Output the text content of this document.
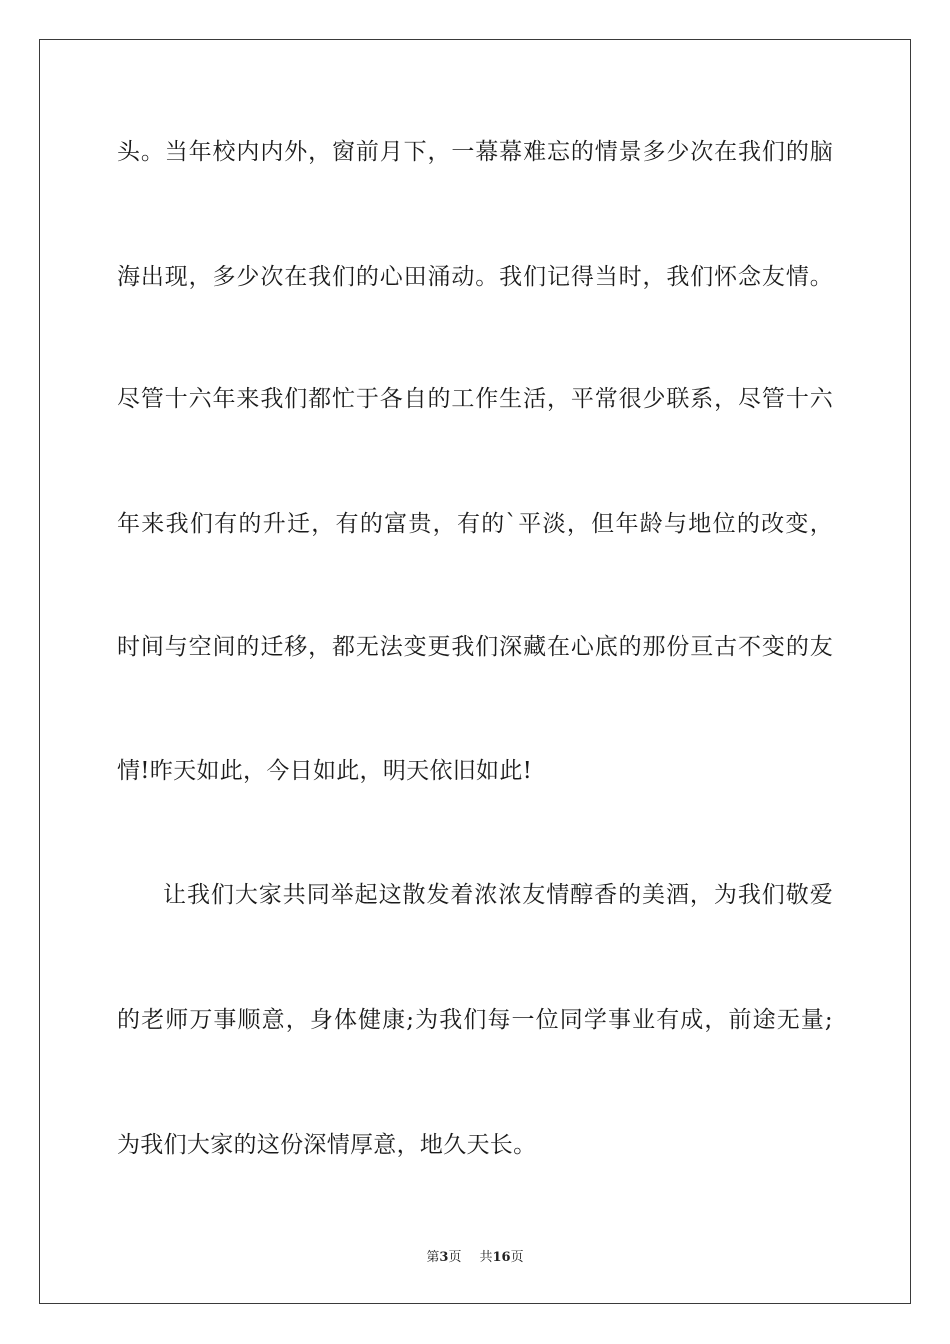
头。当年校内内外，窗前月下，一幕幕难忘的情景多少次在我们的脑
海出现，多少次在我们的心田涌动。我们记得当时，我们怀念友情。
尽管十六年来我们都忙于各自的工作生活，平常很少联系，尽管十六
年来我们有的升迁，有的富贵，有的`平淡，但年龄与地位的改变，
时间与空间的迁移，都无法变更我们深藏在心底的那份亘古不变的友
情!昨天如此，今日如此，明天依旧如此!
让我们大家共同举起这散发着浓浓友情醇香的美酒，为我们敬爱
的老师万事顺意，身体健康;为我们每一位同学事业有成，前途无量;
为我们大家的这份深情厚意，地久天长。
第3页 共16页
